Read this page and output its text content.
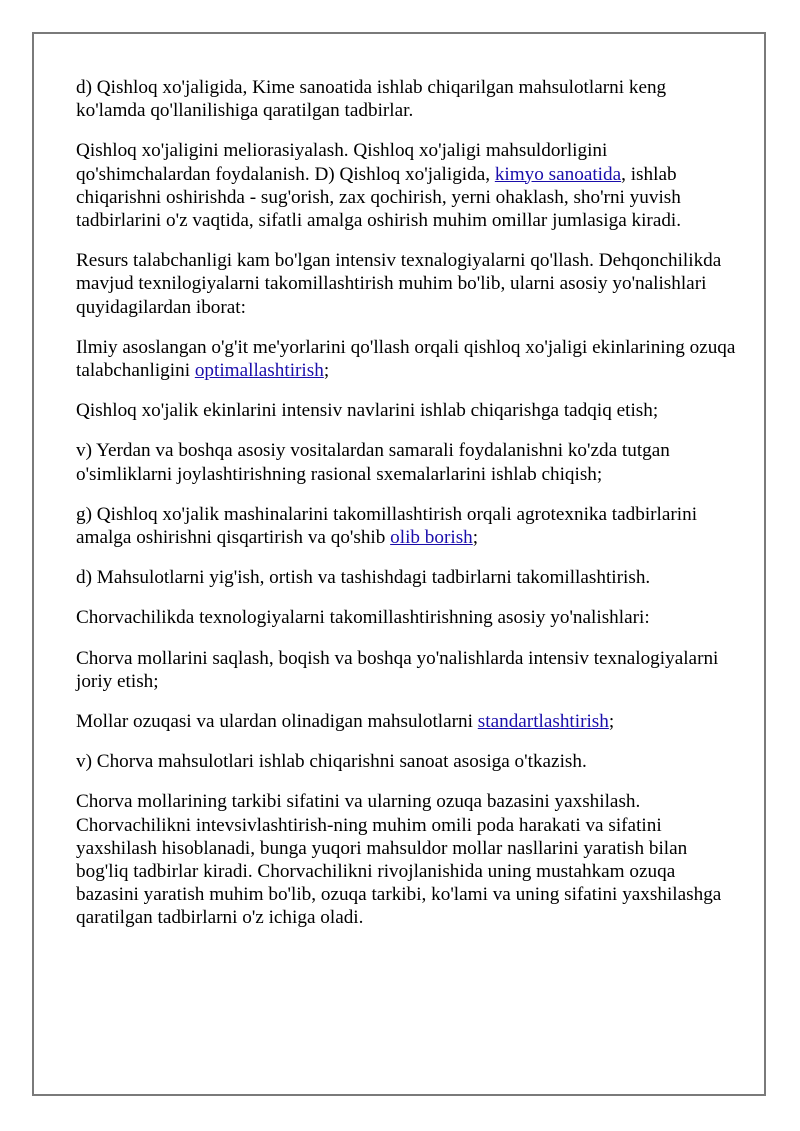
d) Qishloq xo'jaligida, Kime sanoatida ishlab chiqarilgan mahsulotlarni keng ko'lamda qo'llanilishiga qaratilgan tadbirlar.

Qishloq xo'jaligini meliorasiyalash. Qishloq xo'jaligi mahsuldorligini qo'shimchalardan foydalanish. D) Qishloq xo'jaligida, kimyo sanoatida, ishlab chiqarishni oshirishda - sug'orish, zax qochirish, yerni ohaklash, sho'rni yuvish tadbirlarini o'z vaqtida, sifatli amalga oshirish muhim omillar jumlasiga kiradi.

Resurs talabchanligi kam bo'lgan intensiv texnalogiyalarni qo'llash. Dehqonchilikda mavjud texnilogiyalarni takomillashtirish muhim bo'lib, ularni asosiy yo'nalishlari quyidagilardan iborat:

Ilmiy asoslangan o'g'it me'yorlarini qo'llash orqali qishloq xo'jaligi ekinlarining ozuqa talabchanligini optimallashtirish;

Qishloq xo'jalik ekinlarini intensiv navlarini ishlab chiqarishga tadqiq etish;

v) Yerdan va boshqa asosiy vositalardan samarali foydalanishni ko'zda tutgan o'simliklarni joylashtirishning rasional sxemalarlarini ishlab chiqish;

g) Qishloq xo'jalik mashinalarini takomillashtirish orqali agrotexnika tadbirlarini amalga oshirishni qisqartirish va qo'shib olib borish;

d) Mahsulotlarni yig'ish, ortish va tashishdagi tadbirlarni takomillashtirish.

Chorvachilikda texnologiyalarni takomillashtirishning asosiy yo'nalishlari:

Chorva mollarini saqlash, boqish va boshqa yo'nalishlarda intensiv texnalogiyalarni joriy etish;

Mollar ozuqasi va ulardan olinadigan mahsulotlarni standartlashtirish;

v) Chorva mahsulotlari ishlab chiqarishni sanoat asosiga o'tkazish.

Chorva mollarining tarkibi sifatini va ularning ozuqa bazasini yaxshilash. Chorvachilikni intevsivlashtirish-ning muhim omili poda harakati va sifatini yaxshilash hisoblanadi, bunga yuqori mahsuldor mollar nasllarini yaratish bilan bog'liq tadbirlar kiradi. Chorvachilikni rivojlanishida uning mustahkam ozuqa bazasini yaratish muhim bo'lib, ozuqa tarkibi, ko'lami va uning sifatini yaxshilashga qaratilgan tadbirlarni o'z ichiga oladi.
